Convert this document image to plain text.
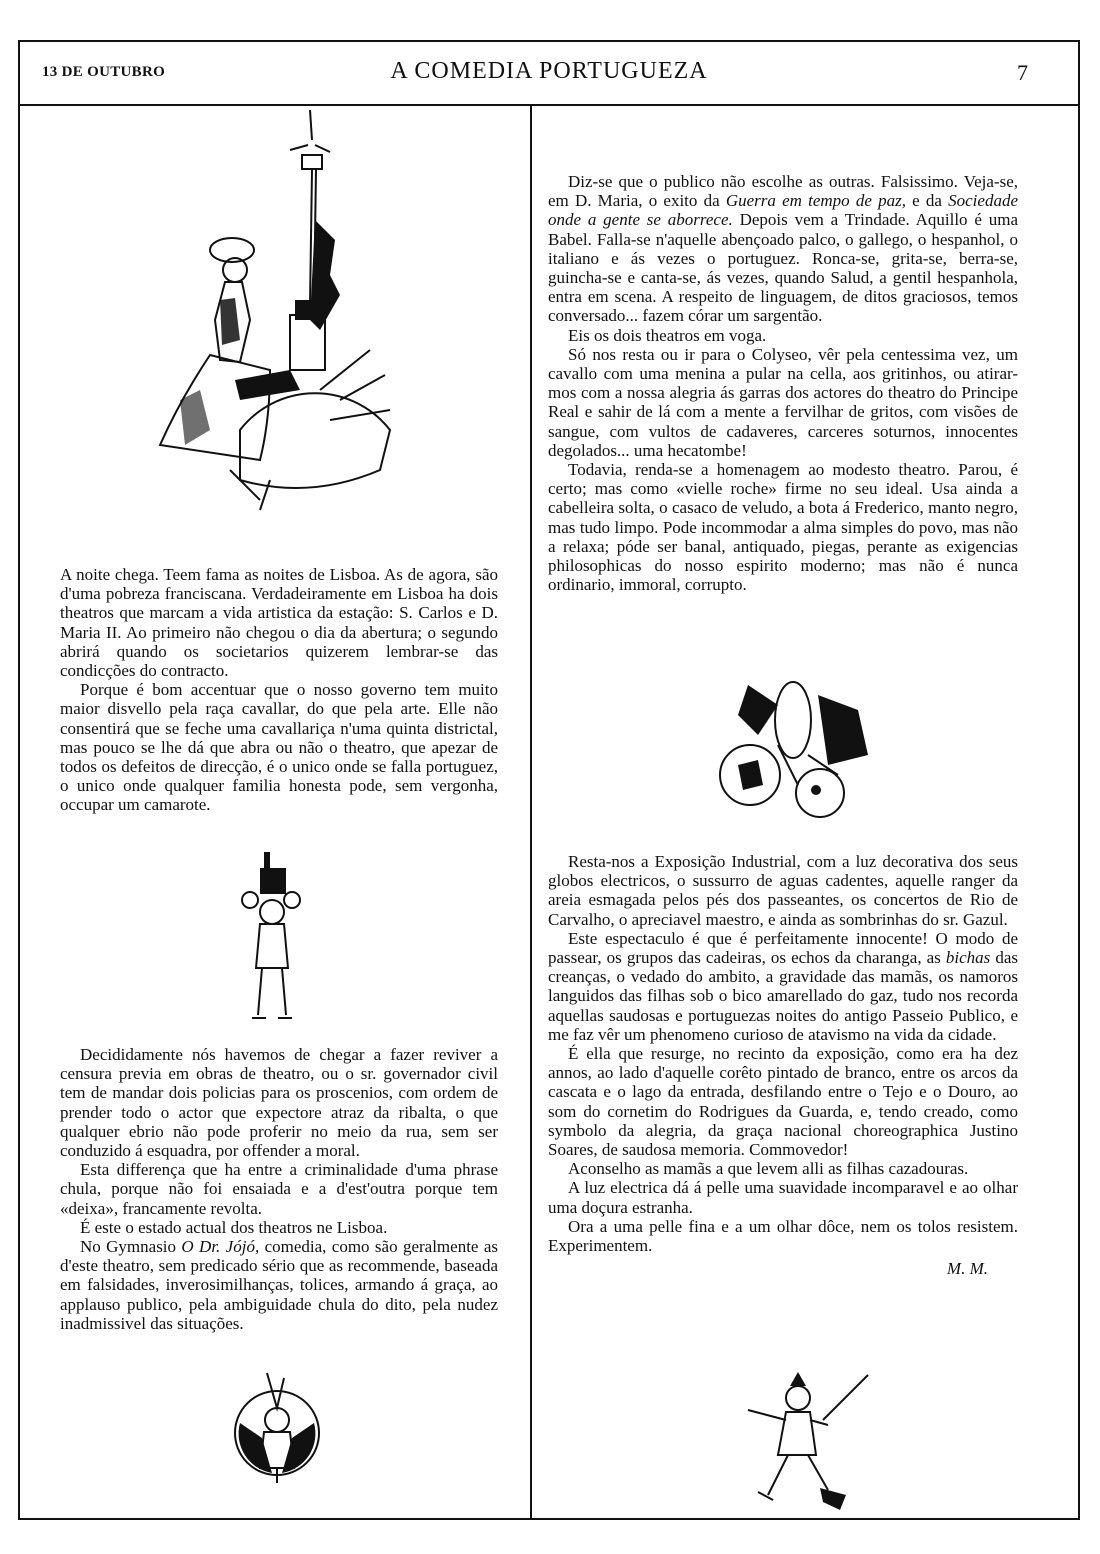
13 DE OUTUBRO	A COMEDIA PORTUGUEZA	7

A noite chega. Teem fama as noites de Lisboa. As de agora, são d'uma pobreza franciscana. Verdadeiramente em Lisboa ha dois theatros que marcam a vida artistica da estação: S. Carlos e D. Maria II. Ao primeiro não chegou o dia da abertura; o segundo abrirá quando os societarios quizerem lembrar-se das condicções do contracto.

Porque é bom accentuar que o nosso governo tem muito maior disvello pela raça cavallar, do que pela arte. Elle não consentirá que se feche uma cavallariça n'uma quinta districtal, mas pouco se lhe dá que abra ou não o theatro, que apezar de todos os defeitos de direcção, é o unico onde se falla portuguez, o unico onde qualquer familia honesta pode, sem vergonha, occupar um camarote.

Decididamente nós havemos de chegar a fazer reviver a censura previa em obras de theatro, ou o sr. governador civil tem de mandar dois policias para os proscenios, com ordem de prender todo o actor que expectore atraz da ribalta, o que qualquer ebrio não pode proferir no meio da rua, sem ser conduzido á esquadra, por offender a moral.

Esta differença que ha entre a criminalidade d'uma phrase chula, porque não foi ensaiada e a d'est'outra porque tem «deixa», francamente revolta.

É este o estado actual dos theatros ne Lisboa.

No Gymnasio O Dr. Jójó, comedia, como são geralmente as d'este theatro, sem predicado sério que as recommende, baseada em falsidades, inverosimilhanças, tolices, armando á graça, ao applauso publico, pela ambiguidade chula do dito, pela nudez inadmissivel das situações.

Diz-se que o publico não escolhe as outras. Falsissimo. Veja-se, em D. Maria, o exito da Guerra em tempo de paz, e da Sociedade onde a gente se aborrece. Depois vem a Trindade. Aquillo é uma Babel. Falla-se n'aquelle abençoado palco, o gallego, o hespanhol, o italiano e ás vezes o portuguez. Ronca-se, grita-se, berra-se, guincha-se e canta-se, ás vezes, quando Salud, a gentil hespanhola, entra em scena. A respeito de linguagem, de ditos graciosos, temos conversado... fazem córar um sargentão.

Eis os dois theatros em voga.

Só nos resta ou ir para o Colyseo, vêr pela centessima vez, um cavallo com uma menina a pular na cella, aos gritinhos, ou atirar-mos com a nossa alegria ás garras dos actores do theatro do Principe Real e sahir de lá com a mente a fervilhar de gritos, com visões de sangue, com vultos de cadaveres, carceres soturnos, innocentes degolados... uma hecatombe!

Todavia, renda-se a homenagem ao modesto theatro. Parou, é certo; mas como «vielle roche» firme no seu ideal. Usa ainda a cabelleira solta, o casaco de veludo, a bota á Frederico, manto negro, mas tudo limpo. Pode incommodar a alma simples do povo, mas não a relaxa; póde ser banal, antiquado, piegas, perante as exigencias philosophicas do nosso espirito moderno; mas não é nunca ordinario, immoral, corrupto.

Resta-nos a Exposição Industrial, com a luz decorativa dos seus globos electricos, o sussurro de aguas cadentes, aquelle ranger da areia esmagada pelos pés dos passeantes, os concertos de Rio de Carvalho, o apreciavel maestro, e ainda as sombrinhas do sr. Gazul.

Este espectaculo é que é perfeitamente innocente! O modo de passear, os grupos das cadeiras, os echos da charanga, as bichas das creanças, o vedado do ambito, a gravidade das mamãs, os namoros languidos das filhas sob o bico amarellado do gaz, tudo nos recorda aquellas saudosas e portuguezas noites do antigo Passeio Publico, e me faz vêr um phenomeno curioso de atavismo na vida da cidade.

É ella que resurge, no recinto da exposição, como era ha dez annos, ao lado d'aquelle corêto pintado de branco, entre os arcos da cascata e o lago da entrada, desfilando entre o Tejo e o Douro, ao som do cornetim do Rodrigues da Guarda, e, tendo creado, como symbolo da alegria, da graça nacional choreographica Justino Soares, de saudosa memoria. Commovedor!

Aconselho as mamãs a que levem alli as filhas cazadouras.

A luz electrica dá á pelle uma suavidade incomparavel e ao olhar uma doçura estranha.

Ora a uma pelle fina e a um olhar dôce, nem os tolos resistem. Experimentem.

M. M.
